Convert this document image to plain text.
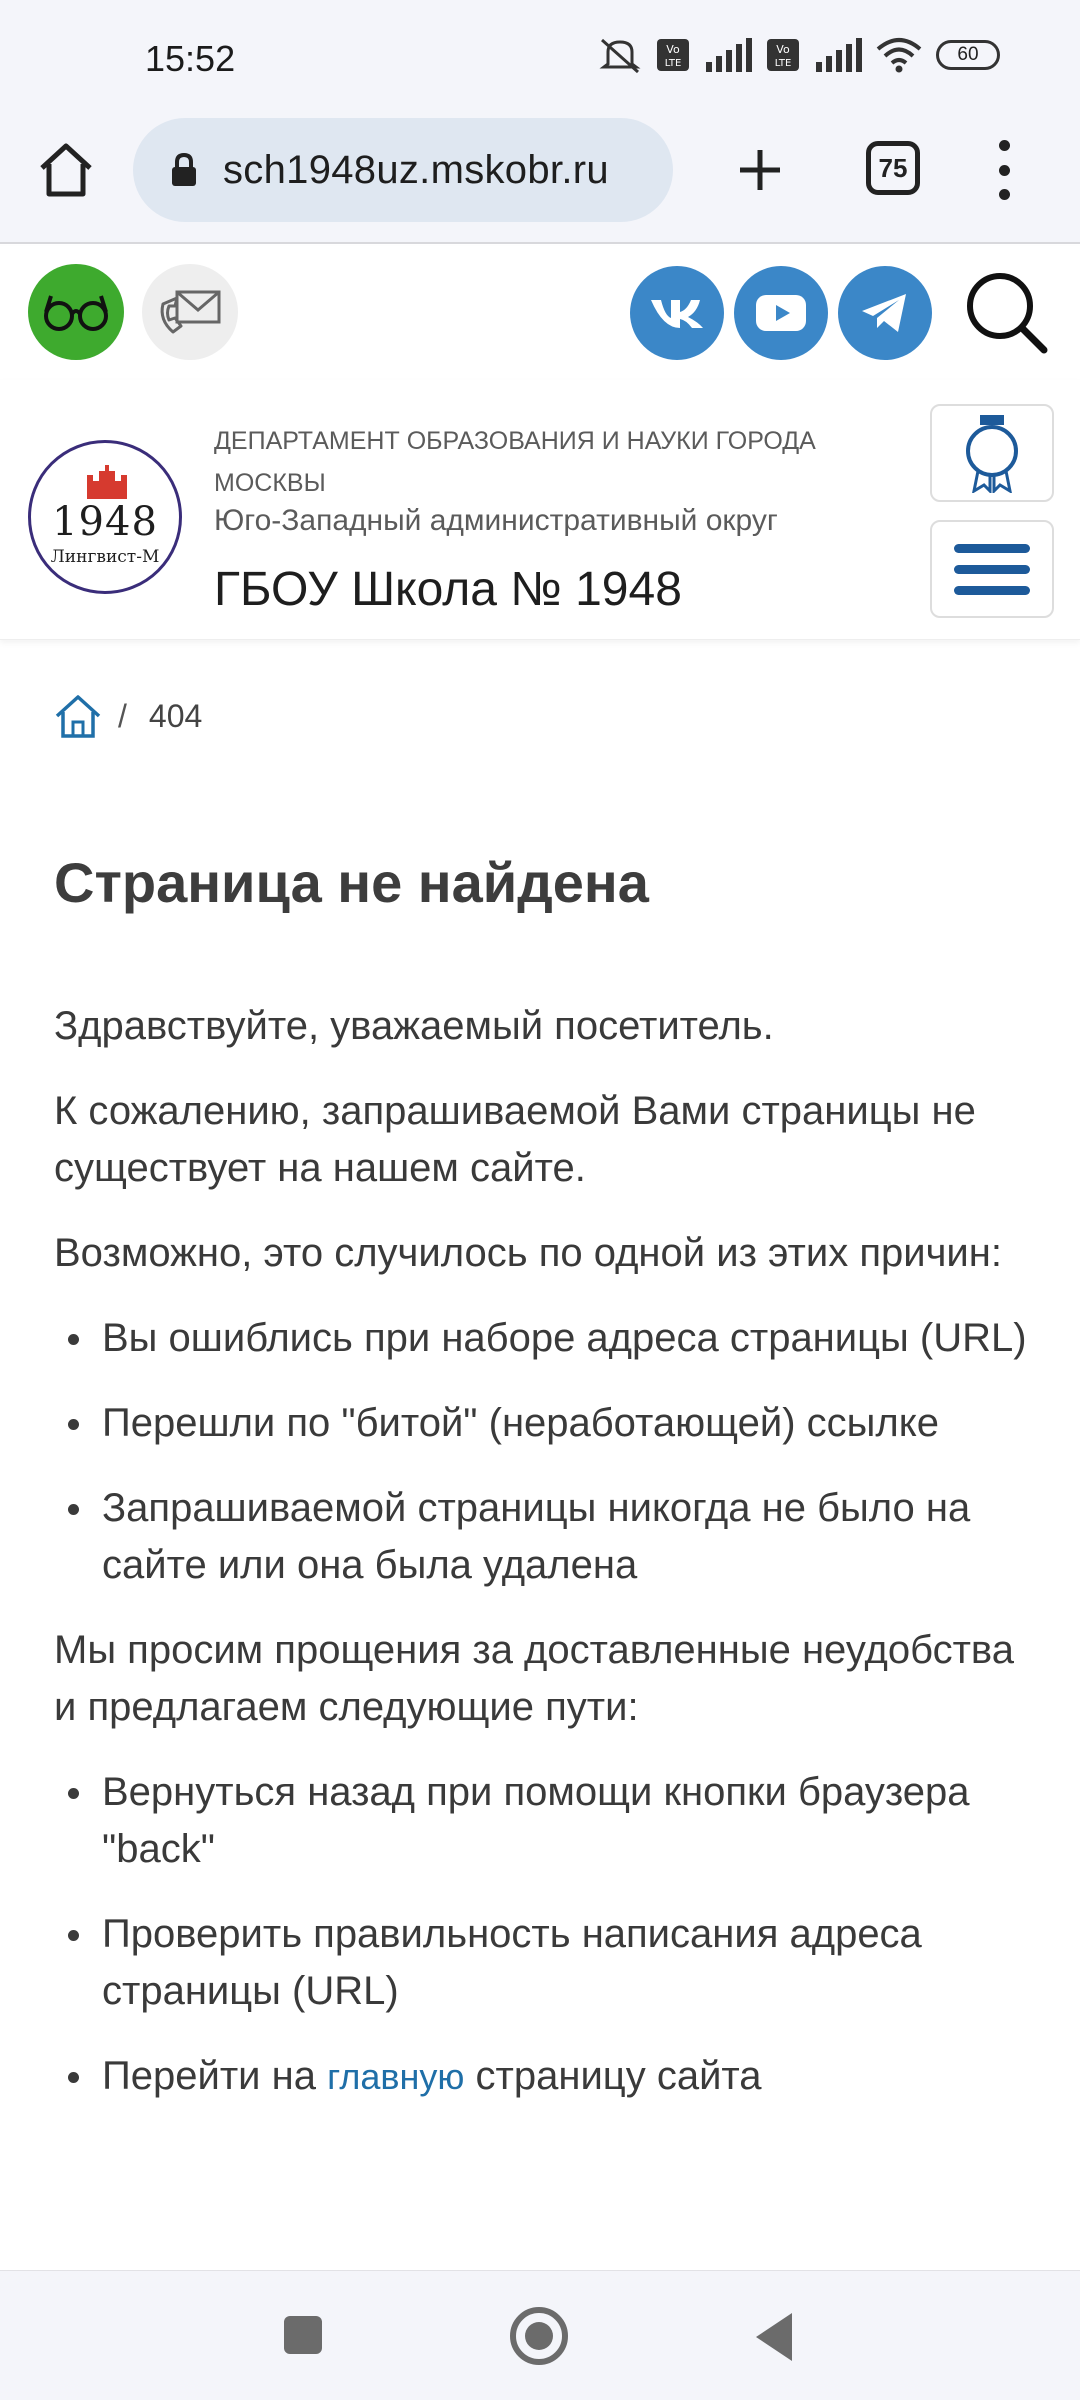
15:52	Vo
LTE
Vo
LTE	60
sch1948uz.mskobr.ru	75
1948
Лингвист-М
ДЕПАРТАМЕНТ ОБРАЗОВАНИЯ И НАУКИ ГОРОДА МОСКВЫ
Юго-Западный административный округ
ГБОУ Школа № 1948
/ 404
Страница не найдена

Здравствуйте, уважаемый посетитель.

К сожалению, запрашиваемой Вами страницы не существует на нашем сайте.

Возможно, это случилось по одной из этих причин:

Вы ошиблись при наборе адреса страницы (URL)
Перешли по "битой" (неработающей) ссылке
Запрашиваемой страницы никогда не было на сайте или она была удалена

Мы просим прощения за доставленные неудобства и предлагаем следующие пути:

Вернуться назад при помощи кнопки браузера "back"
Проверить правильность написания адреса страницы (URL)
Перейти на главную страницу сайта
